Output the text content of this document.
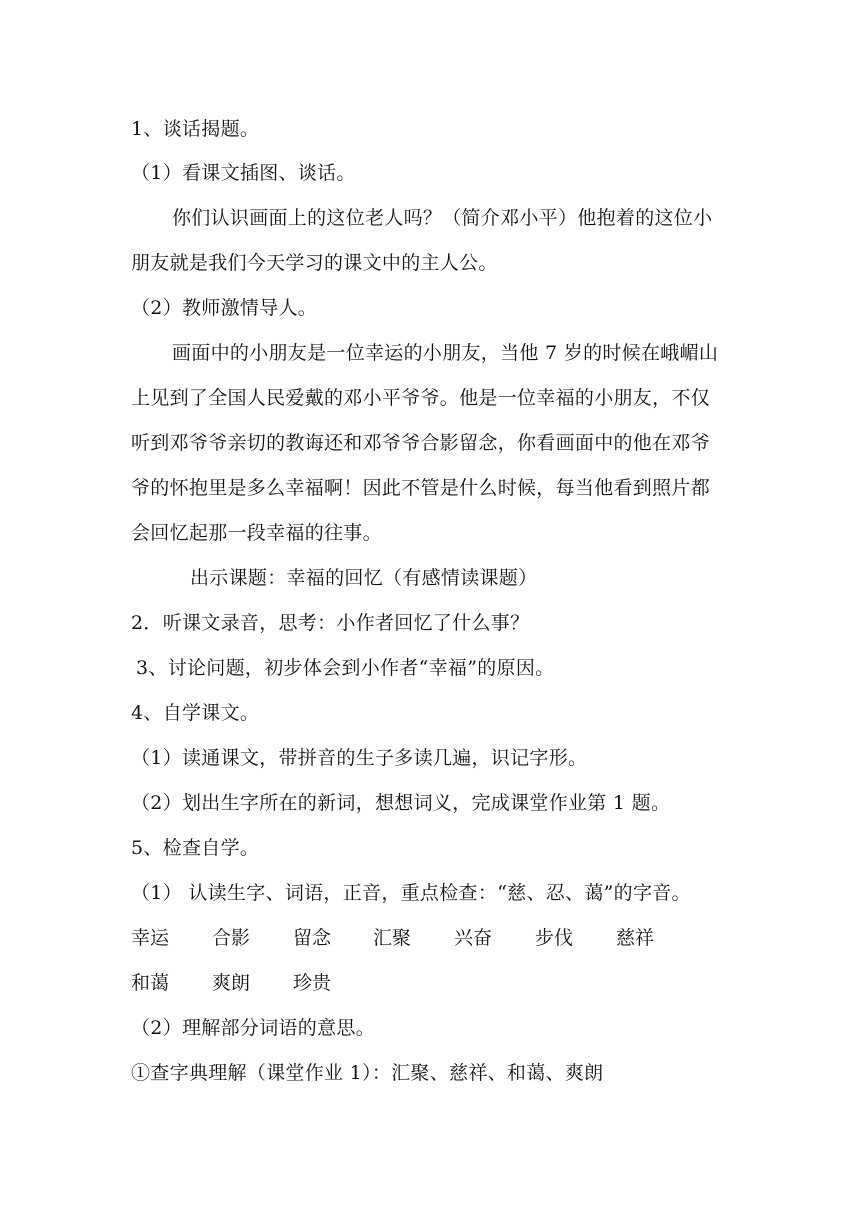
1、谈话揭题。
（1）看课文插图、谈话。
你们认识画面上的这位老人吗？（简介邓小平）他抱着的这位小
朋友就是我们今天学习的课文中的主人公。
（2）教师激情导人。
画面中的小朋友是一位幸运的小朋友，当他 7 岁的时候在峨嵋山
上见到了全国人民爱戴的邓小平爷爷。他是一位幸福的小朋友，不仅
听到邓爷爷亲切的教诲还和邓爷爷合影留念，你看画面中的他在邓爷
爷的怀抱里是多么幸福啊！因此不管是什么时候，每当他看到照片都
会回忆起那一段幸福的往事。
出示课题：幸福的回忆（有感情读课题）
2．听课文录音，思考：小作者回忆了什么事？
3、讨论问题，初步体会到小作者“幸福”的原因。
4、自学课文。
（1）读通课文，带拼音的生子多读几遍，识记字形。
（2）划出生字所在的新词，想想词义，完成课堂作业第 1 题。
5、检查自学。
（1） 认读生字、词语，正音，重点检查：“慈、忍、蔼”的字音。
幸运 合影 留念 汇聚 兴奋 步伐 慈祥
和蔼 爽朗 珍贵
（2）理解部分词语的意思。
①查字典理解（课堂作业 1）：汇聚、慈祥、和蔼、爽朗
